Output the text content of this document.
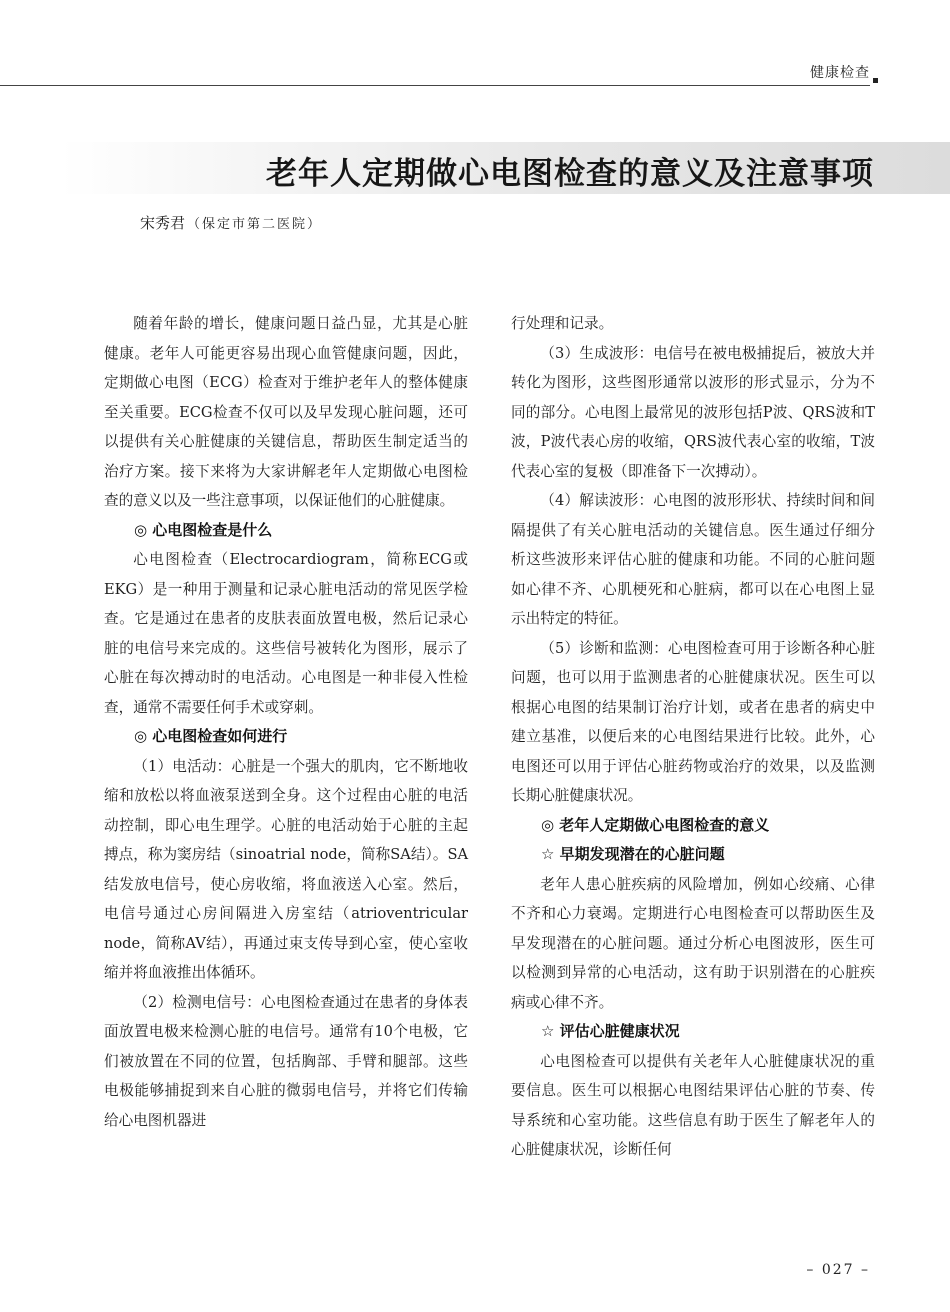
健康检查
老年人定期做心电图检查的意义及注意事项
宋秀君 （保定市第二医院）

随着年龄的增长，健康问题日益凸显，尤其是心脏健康。老年人可能更容易出现心血管健康问题，因此，定期做心电图（ECG）检查对于维护老年人的整体健康至关重要。ECG检查不仅可以及早发现心脏问题，还可以提供有关心脏健康的关键信息，帮助医生制定适当的治疗方案。接下来将为大家讲解老年人定期做心电图检查的意义以及一些注意事项，以保证他们的心脏健康。

◎ 心电图检查是什么

心电图检查（Electrocardiogram，简称ECG或EKG）是一种用于测量和记录心脏电活动的常见医学检查。它是通过在患者的皮肤表面放置电极，然后记录心脏的电信号来完成的。这些信号被转化为图形，展示了心脏在每次搏动时的电活动。心电图是一种非侵入性检查，通常不需要任何手术或穿刺。

◎ 心电图检查如何进行

（1）电活动：心脏是一个强大的肌肉，它不断地收缩和放松以将血液泵送到全身。这个过程由心脏的电活动控制，即心电生理学。心脏的电活动始于心脏的主起搏点，称为窦房结（sinoatrial node，简称SA结）。SA结发放电信号，使心房收缩，将血液送入心室。然后，电信号通过心房间隔进入房室结（atrioventricular node，简称AV结），再通过束支传导到心室，使心室收缩并将血液推出体循环。

（2）检测电信号：心电图检查通过在患者的身体表面放置电极来检测心脏的电信号。通常有10个电极，它们被放置在不同的位置，包括胸部、手臂和腿部。这些电极能够捕捉到来自心脏的微弱电信号，并将它们传输给心电图机器进

行处理和记录。

（3）生成波形：电信号在被电极捕捉后，被放大并转化为图形，这些图形通常以波形的形式显示，分为不同的部分。心电图上最常见的波形包括P波、QRS波和T波，P波代表心房的收缩，QRS波代表心室的收缩，T波代表心室的复极（即准备下一次搏动）。

（4）解读波形：心电图的波形形状、持续时间和间隔提供了有关心脏电活动的关键信息。医生通过仔细分析这些波形来评估心脏的健康和功能。不同的心脏问题如心律不齐、心肌梗死和心脏病，都可以在心电图上显示出特定的特征。

（5）诊断和监测：心电图检查可用于诊断各种心脏问题，也可以用于监测患者的心脏健康状况。医生可以根据心电图的结果制订治疗计划，或者在患者的病史中建立基准，以便后来的心电图结果进行比较。此外，心电图还可以用于评估心脏药物或治疗的效果，以及监测长期心脏健康状况。

◎ 老年人定期做心电图检查的意义
☆ 早期发现潜在的心脏问题

老年人患心脏疾病的风险增加，例如心绞痛、心律不齐和心力衰竭。定期进行心电图检查可以帮助医生及早发现潜在的心脏问题。通过分析心电图波形，医生可以检测到异常的心电活动，这有助于识别潜在的心脏疾病或心律不齐。

☆ 评估心脏健康状况

心电图检查可以提供有关老年人心脏健康状况的重要信息。医生可以根据心电图结果评估心脏的节奏、传导系统和心室功能。这些信息有助于医生了解老年人的心脏健康状况，诊断任何

– 027 –
